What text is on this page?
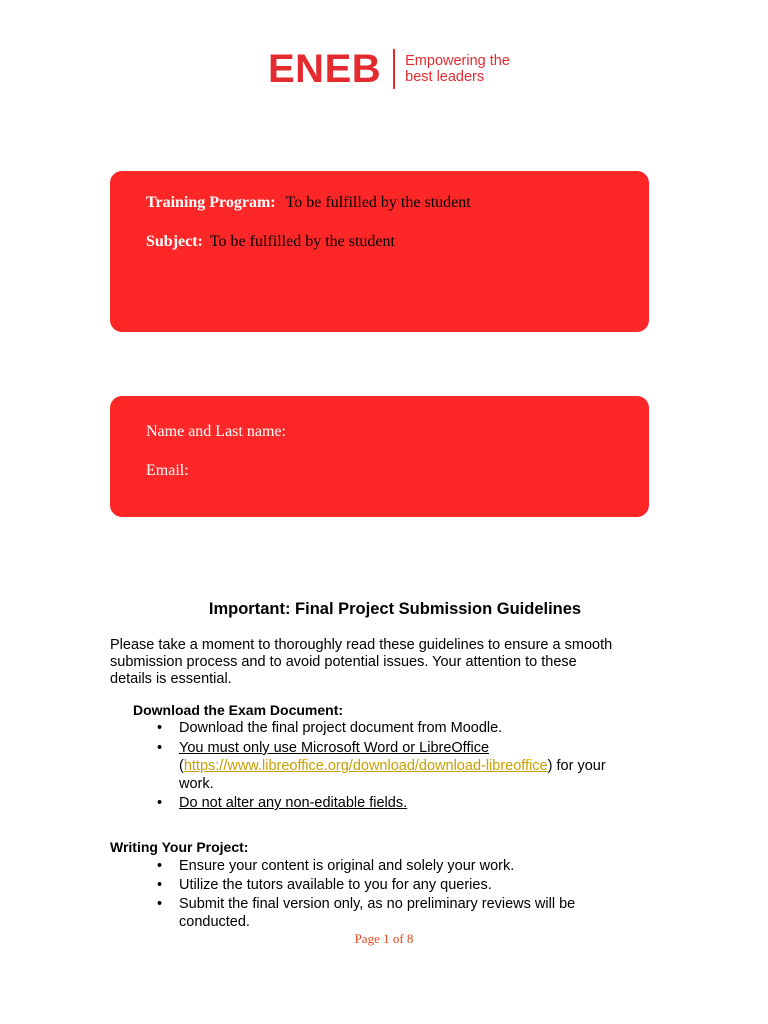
ENEB Empowering the
best leaders
Training Program: To be fulfilled by the student
Subject: To be fulfilled by the student
Name and Last name:
Email:
Important: Final Project Submission Guidelines
Please take a moment to thoroughly read these guidelines to ensure a smooth
submission process and to avoid potential issues. Your attention to these
details is essential.
Download the Exam Document:
• Download the final project document from Moodle.
• You must only use Microsoft Word or LibreOffice
(https://www.libreoffice.org/download/download-libreoffice) for your
work.
• Do not alter any non-editable fields.
Writing Your Project:
• Ensure your content is original and solely your work.
• Utilize the tutors available to you for any queries.
• Submit the final version only, as no preliminary reviews will be
conducted.
Page 1 of 8
